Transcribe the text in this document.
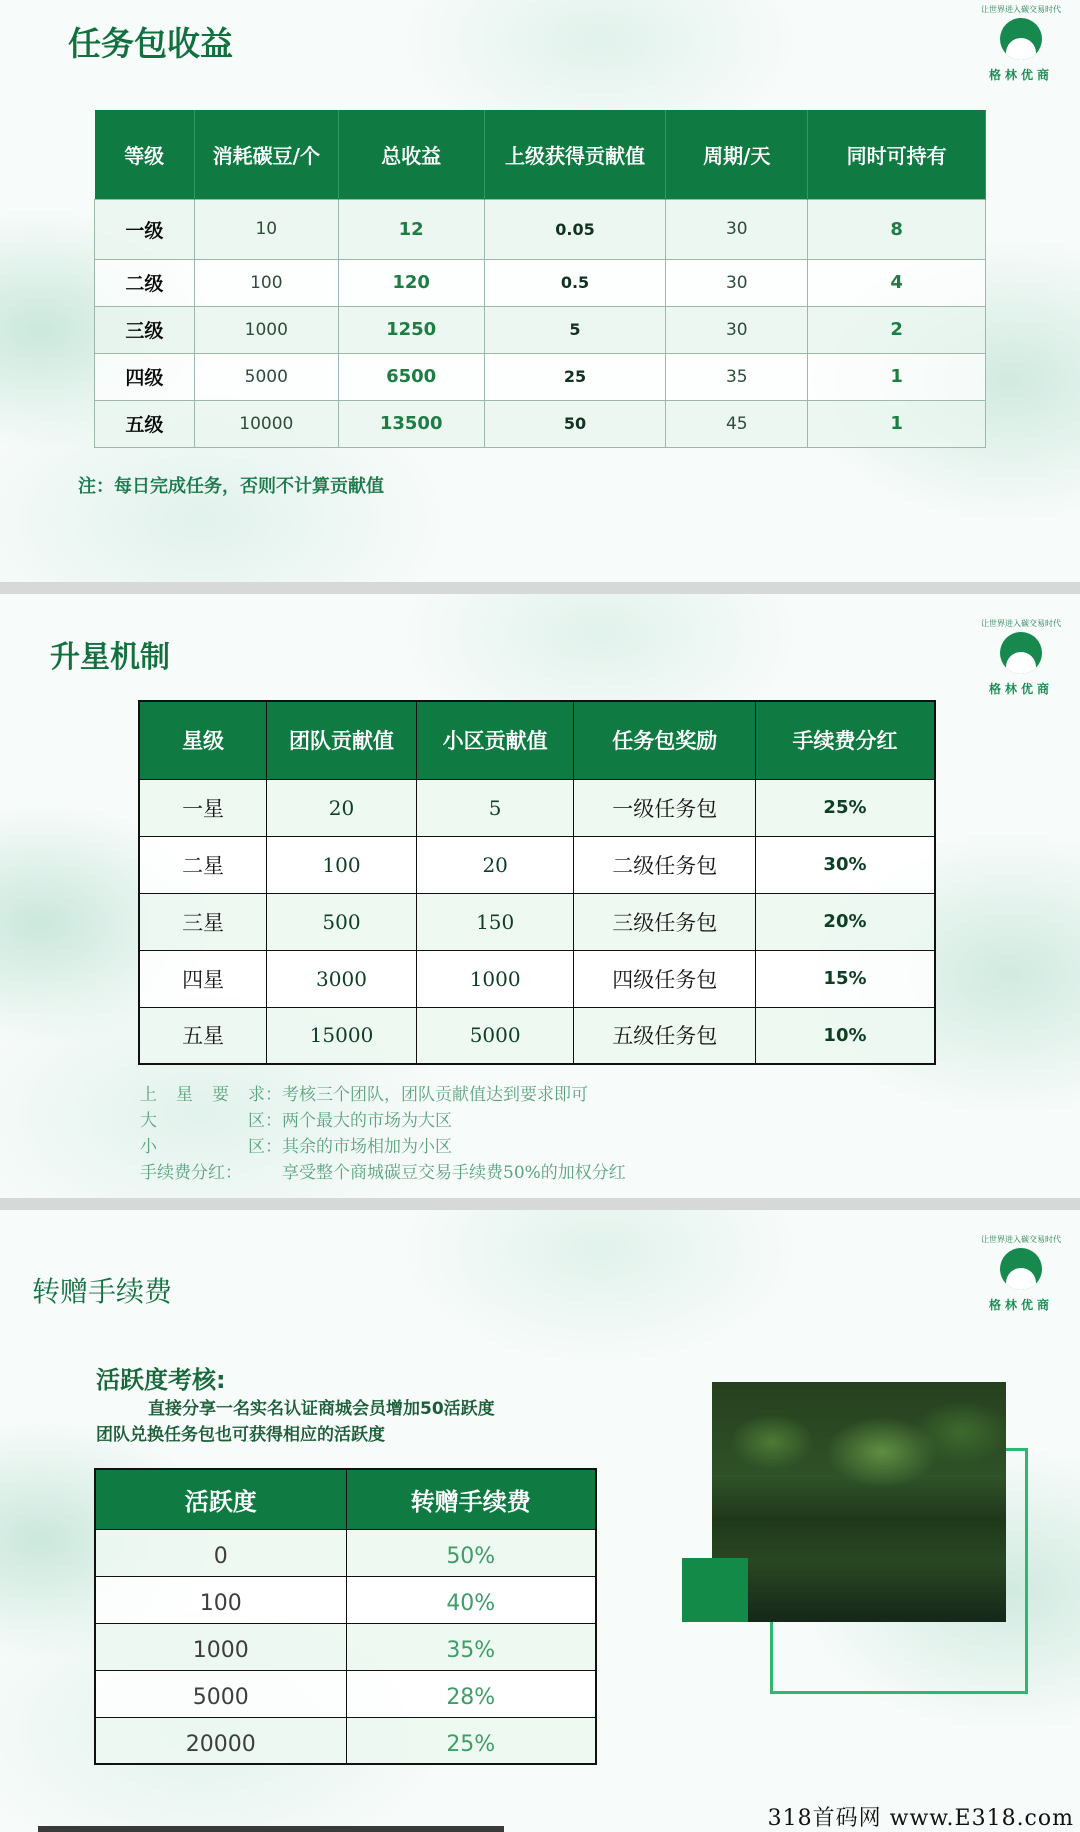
任务包收益
让世界进入碳交易时代
格林优商
等级	消耗碳豆/个	总收益	上级获得贡献值	周期/天	同时可持有
一级	10	12	0.05	30	8
二级	100	120	0.5	30	4
三级	1000	1250	5	30	2
四级	5000	6500	25	35	1
五级	10000	13500	50	45	1
注：每日完成任务，否则不计算贡献值
升星机制
让世界进入碳交易时代
格林优商
星级	团队贡献值	小区贡献值	任务包奖励	手续费分红
一星	20	5	一级任务包	25%
二星	100	20	二级任务包	30%
三星	500	150	三级任务包	20%
四星	3000	1000	四级任务包	15%
五星	15000	5000	五级任务包	10%
上 星 要 求： 考核三个团队，团队贡献值达到要求即可
大	区： 两个最大的市场为大区
小	区： 其余的市场相加为小区
手续费分红： 享受整个商城碳豆交易手续费50%的加权分红
转赠手续费
让世界进入碳交易时代
格林优商
活跃度考核:
直接分享一名实名认证商城会员增加50活跃度
团队兑换任务包也可获得相应的活跃度
活跃度	转赠手续费
0	50%
100	40%
1000	35%
5000	28%
20000	25%
318首码网 www.E318.com
